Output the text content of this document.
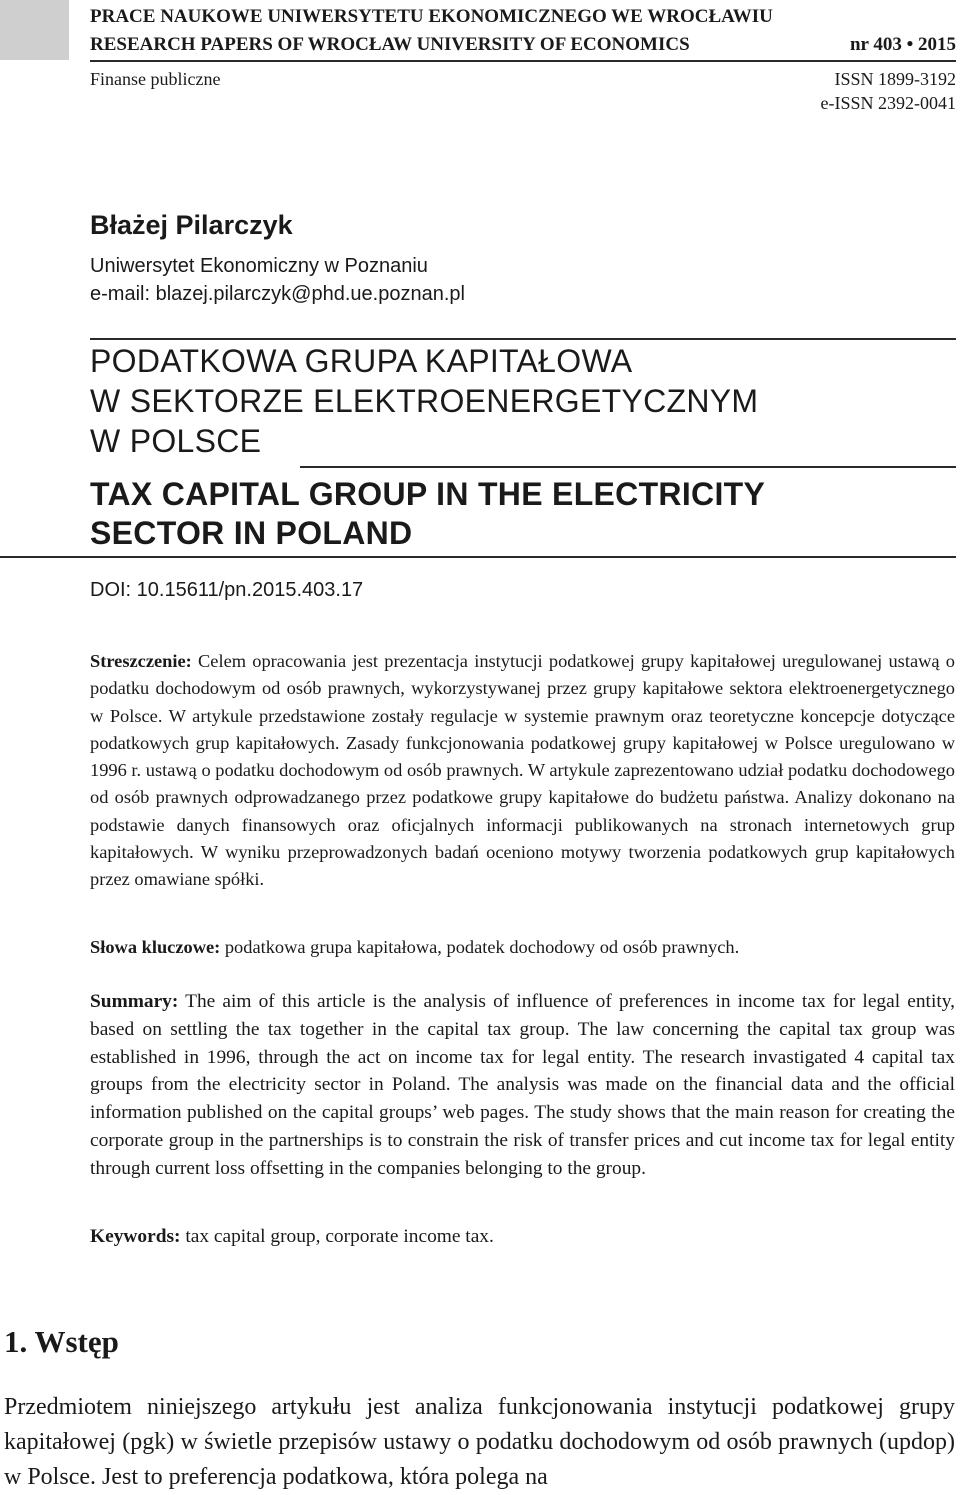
PRACE NAUKOWE UNIWERSYTETU EKONOMICZNEGO WE WROCŁAWIU
RESEARCH PAPERS OF WROCŁAW UNIVERSITY OF ECONOMICS	nr 403 • 2015
Finanse publiczne	ISSN 1899-3192
e-ISSN 2392-0041
Błażej Pilarczyk
Uniwersytet Ekonomiczny w Poznaniu
e-mail: blazej.pilarczyk@phd.ue.poznan.pl
PODATKOWA GRUPA KAPITAŁOWA
W SEKTORZE ELEKTROENERGETYCZNYM
W POLSCE
TAX CAPITAL GROUP IN THE ELECTRICITY
SECTOR IN POLAND
DOI: 10.15611/pn.2015.403.17
Streszczenie: Celem opracowania jest prezentacja instytucji podatkowej grupy kapitałowej uregulowanej ustawą o podatku dochodowym od osób prawnych, wykorzystywanej przez grupy kapitałowe sektora elektroenergetycznego w Polsce. W artykule przedstawione zostały regulacje w systemie prawnym oraz teoretyczne koncepcje dotyczące podatkowych grup kapitałowych. Zasady funkcjonowania podatkowej grupy kapitałowej w Polsce uregulowano w 1996 r. ustawą o podatku dochodowym od osób prawnych. W artykule zaprezentowano udział podatku dochodowego od osób prawnych odprowadzanego przez podatkowe grupy kapitałowe do budżetu państwa. Analizy dokonano na podstawie danych finansowych oraz oficjalnych informacji publikowanych na stronach internetowych grup kapitałowych. W wyniku przeprowadzonych badań oceniono motywy tworzenia podatkowych grup kapitałowych przez omawiane spółki.
Słowa kluczowe: podatkowa grupa kapitałowa, podatek dochodowy od osób prawnych.
Summary: The aim of this article is the analysis of influence of preferences in income tax for legal entity, based on settling the tax together in the capital tax group. The law concerning the capital tax group was established in 1996, through the act on income tax for legal entity. The research invastigated 4 capital tax groups from the electricity sector in Poland. The analysis was made on the financial data and the official information published on the capital groups’ web pages. The study shows that the main reason for creating the corporate group in the partnerships is to constrain the risk of transfer prices and cut income tax for legal entity through current loss offsetting in the companies belonging to the group.
Keywords: tax capital group, corporate income tax.
1. Wstęp
Przedmiotem niniejszego artykułu jest analiza funkcjonowania instytucji podatkowej grupy kapitałowej (pgk) w świetle przepisów ustawy o podatku dochodowym od osób prawnych (updop) w Polsce. Jest to preferencja podatkowa, która polega na
